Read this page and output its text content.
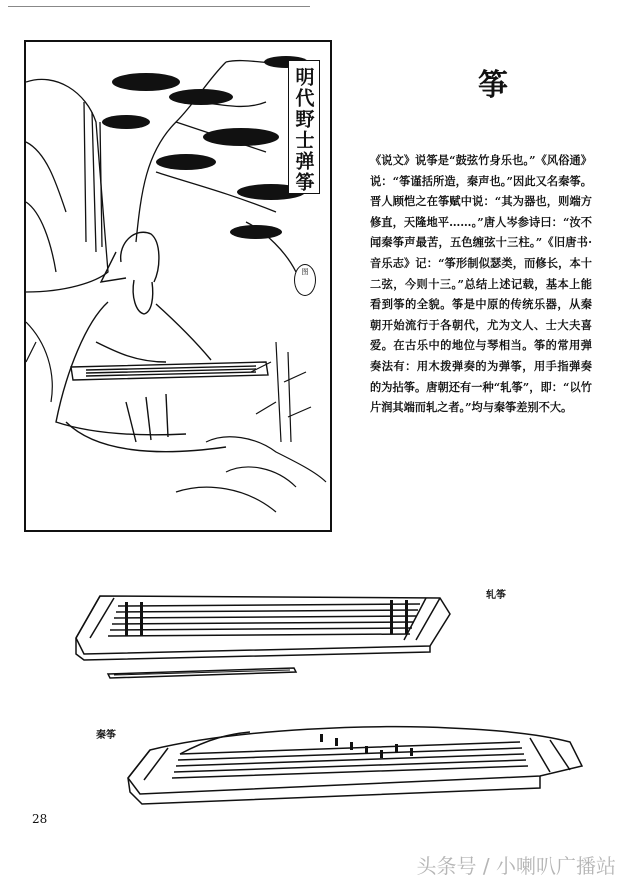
明代野士弹筝
图
筝
《说文》说筝是“鼓弦竹身乐也。”《风俗通》说：“筝谨括所造，秦声也。”因此又名秦筝。晋人顾恺之在筝赋中说：“其为器也，则端方修直，天隆地平……。”唐人岑参诗曰：“汝不闻秦筝声最苦，五色缠弦十三柱。”《旧唐书·音乐志》记：“筝形制似瑟类，而修长，本十二弦，今则十三。”总结上述记载，基本上能看到筝的全貌。筝是中原的传统乐器，从秦朝开始流行于各朝代，尤为文人、士大夫喜爱。在古乐中的地位与琴相当。筝的常用弹奏法有：用木拨弹奏的为弹筝，用手指弹奏的为拈筝。唐朝还有一种“轧筝”，即：“以竹片润其端而轧之者。”均与秦筝差别不大。
轧筝
秦筝
28
头条号 / 小喇叭广播站
